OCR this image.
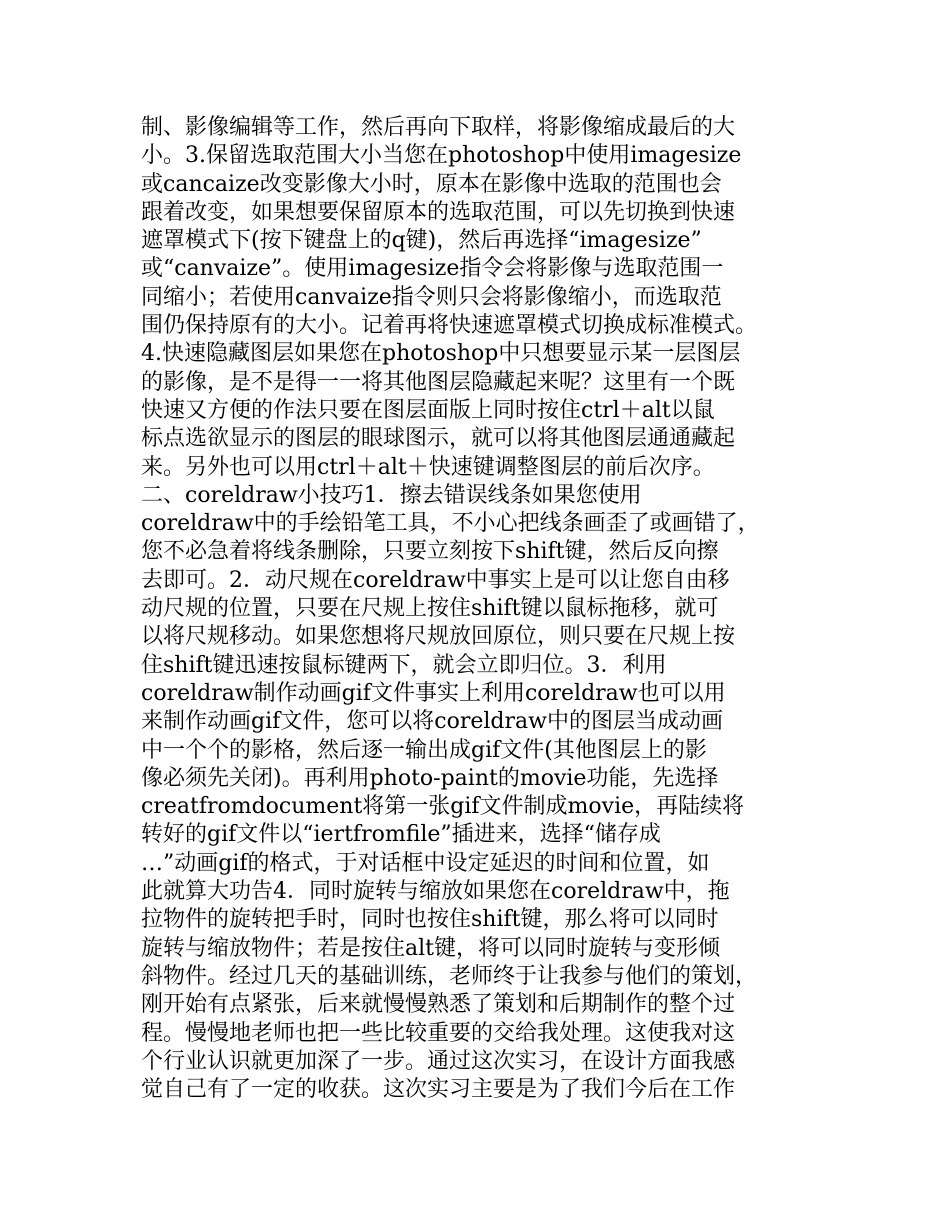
制、影像编辑等工作，然后再向下取样，将影像缩成最后的大
小。3.保留选取范围大小当您在photoshop中使用imagesize
或cancaize改变影像大小时，原本在影像中选取的范围也会
跟着改变，如果想要保留原本的选取范围，可以先切换到快速
遮罩模式下(按下键盘上的q键)，然后再选择“imagesize”
或“canvaize”。使用imagesize指令会将影像与选取范围一
同缩小；若使用canvaize指令则只会将影像缩小，而选取范
围仍保持原有的大小。记着再将快速遮罩模式切换成标准模式。
4.快速隐藏图层如果您在photoshop中只想要显示某一层图层
的影像，是不是得一一将其他图层隐藏起来呢？这里有一个既
快速又方便的作法只要在图层面版上同时按住ctrl＋alt以鼠
标点选欲显示的图层的眼球图示，就可以将其他图层通通藏起
来。另外也可以用ctrl＋alt＋快速键调整图层的前后次序。
二、coreldraw小技巧1．擦去错误线条如果您使用
coreldraw中的手绘铅笔工具，不小心把线条画歪了或画错了，
您不必急着将线条删除，只要立刻按下shift键，然后反向擦
去即可。2．动尺规在coreldraw中事实上是可以让您自由移
动尺规的位置，只要在尺规上按住shift键以鼠标拖移，就可
以将尺规移动。如果您想将尺规放回原位，则只要在尺规上按
住shift键迅速按鼠标键两下，就会立即归位。3．利用
coreldraw制作动画gif文件事实上利用coreldraw也可以用
来制作动画gif文件，您可以将coreldraw中的图层当成动画
中一个个的影格，然后逐一输出成gif文件(其他图层上的影
像必须先关闭)。再利用photo-paint的movie功能，先选择
creatfromdocument将第一张gif文件制成movie，再陆续将
转好的gif文件以“iertfromfile”插进来，选择“储存成
…”动画gif的格式，于对话框中设定延迟的时间和位置，如
此就算大功告4．同时旋转与缩放如果您在coreldraw中，拖
拉物件的旋转把手时，同时也按住shift键，那么将可以同时
旋转与缩放物件；若是按住alt键，将可以同时旋转与变形倾
斜物件。经过几天的基础训练，老师终于让我参与他们的策划，
刚开始有点紧张，后来就慢慢熟悉了策划和后期制作的整个过
程。慢慢地老师也把一些比较重要的交给我处理。这使我对这
个行业认识就更加深了一步。通过这次实习，在设计方面我感
觉自己有了一定的收获。这次实习主要是为了我们今后在工作
